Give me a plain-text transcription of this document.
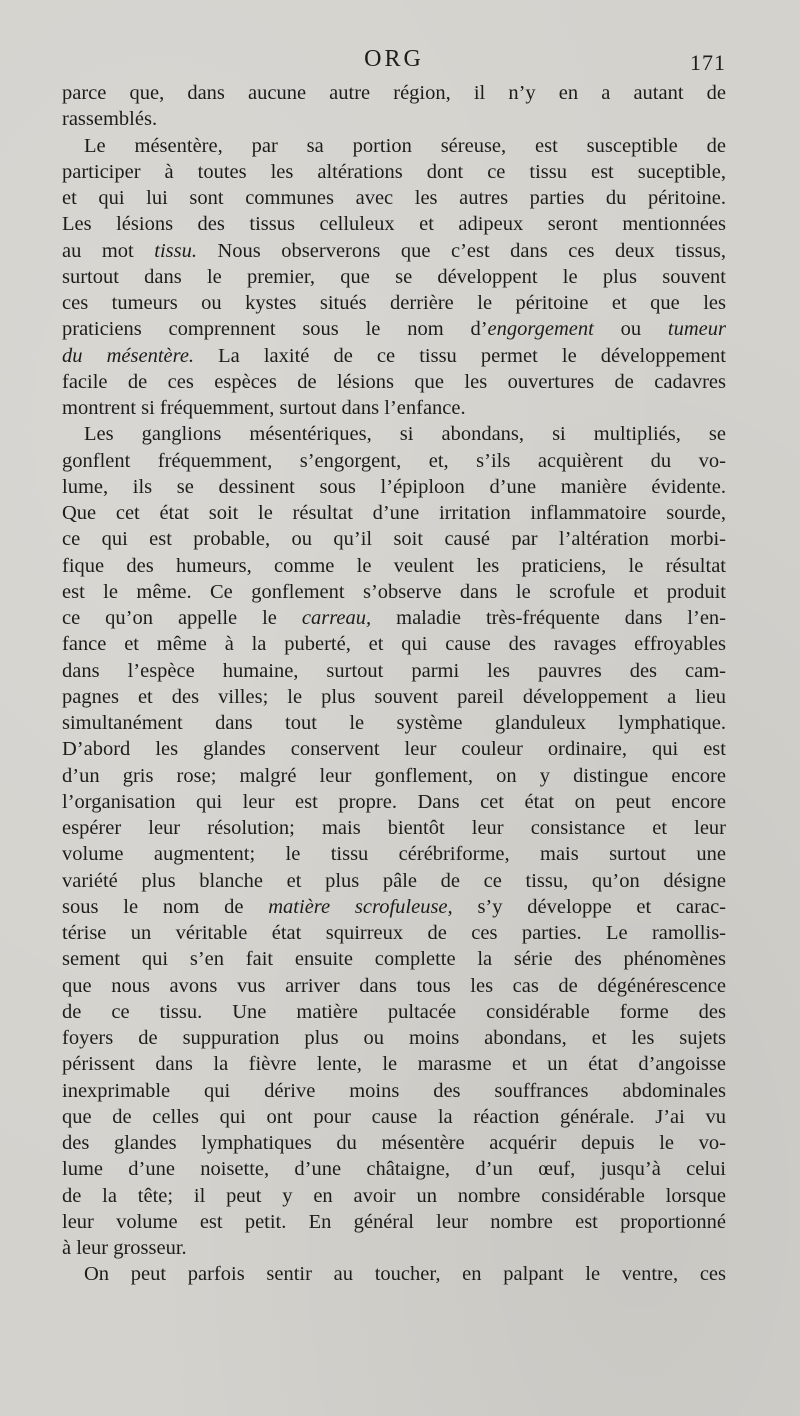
ORG	171
parce que, dans aucune autre région, il n’y en a autant de
rassemblés.
Le mésentère, par sa portion séreuse, est susceptible de
participer à toutes les altérations dont ce tissu est suceptible,
et qui lui sont communes avec les autres parties du péritoine.
Les lésions des tissus celluleux et adipeux seront mentionnées
au mot tissu. Nous observerons que c’est dans ces deux tissus,
surtout dans le premier, que se développent le plus souvent
ces tumeurs ou kystes situés derrière le péritoine et que les
praticiens comprennent sous le nom d’engorgement ou tumeur
du mésentère. La laxité de ce tissu permet le développement
facile de ces espèces de lésions que les ouvertures de cadavres
montrent si fréquemment, surtout dans l’enfance.
Les ganglions mésentériques, si abondans, si multipliés, se
gonflent fréquemment, s’engorgent, et, s’ils acquièrent du vo-
lume, ils se dessinent sous l’épiploon d’une manière évidente.
Que cet état soit le résultat d’une irritation inflammatoire sourde,
ce qui est probable, ou qu’il soit causé par l’altération morbi-
fique des humeurs, comme le veulent les praticiens, le résultat
est le même. Ce gonflement s’observe dans le scrofule et produit
ce qu’on appelle le carreau, maladie très-fréquente dans l’en-
fance et même à la puberté, et qui cause des ravages effroyables
dans l’espèce humaine, surtout parmi les pauvres des cam-
pagnes et des villes; le plus souvent pareil développement a lieu
simultanément dans tout le système glanduleux lymphatique.
D’abord les glandes conservent leur couleur ordinaire, qui est
d’un gris rose; malgré leur gonflement, on y distingue encore
l’organisation qui leur est propre. Dans cet état on peut encore
espérer leur résolution; mais bientôt leur consistance et leur
volume augmentent; le tissu cérébriforme, mais surtout une
variété plus blanche et plus pâle de ce tissu, qu’on désigne
sous le nom de matière scrofuleuse, s’y développe et carac-
térise un véritable état squirreux de ces parties. Le ramollis-
sement qui s’en fait ensuite complette la série des phénomènes
que nous avons vus arriver dans tous les cas de dégénérescence
de ce tissu. Une matière pultacée considérable forme des
foyers de suppuration plus ou moins abondans, et les sujets
périssent dans la fièvre lente, le marasme et un état d’angoisse
inexprimable qui dérive moins des souffrances abdominales
que de celles qui ont pour cause la réaction générale. J’ai vu
des glandes lymphatiques du mésentère acquérir depuis le vo-
lume d’une noisette, d’une châtaigne, d’un œuf, jusqu’à celui
de la tête; il peut y en avoir un nombre considérable lorsque
leur volume est petit. En général leur nombre est proportionné
à leur grosseur.
On peut parfois sentir au toucher, en palpant le ventre, ces
